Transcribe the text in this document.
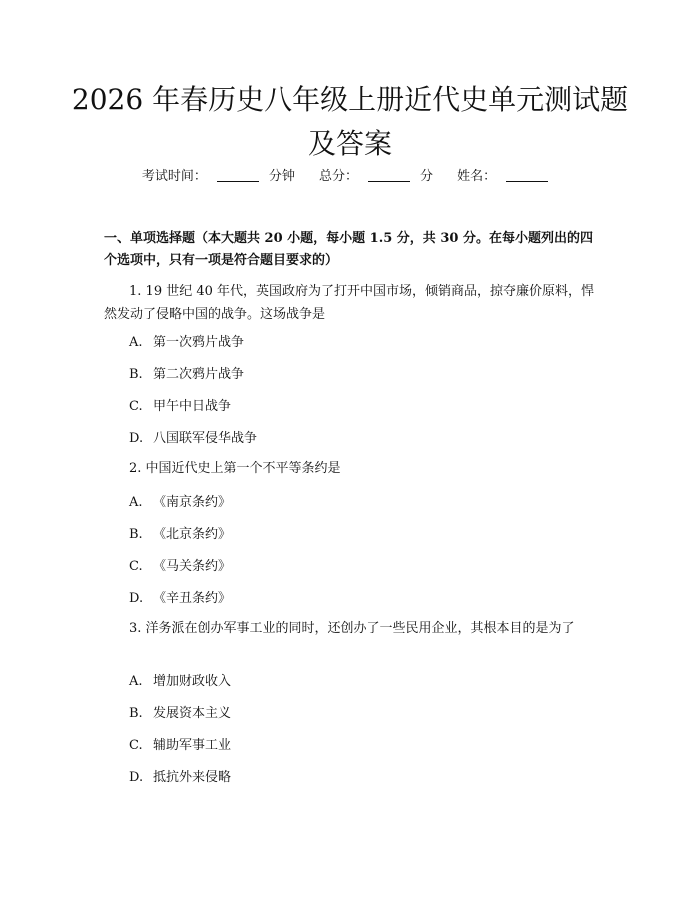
2026 年春历史八年级上册近代史单元测试题
及答案
考试时间：	分钟 总分：	分 姓名：
一、单项选择题（本大题共 20 小题，每小题 1.5 分，共 30 分。在每小题列出的四个选项中，只有一项是符合题目要求的）
1. 19 世纪 40 年代，英国政府为了打开中国市场，倾销商品，掠夺廉价原料，悍然发动了侵略中国的战争。这场战争是
A. 第一次鸦片战争
B. 第二次鸦片战争
C. 甲午中日战争
D. 八国联军侵华战争
2. 中国近代史上第一个不平等条约是
A. 《南京条约》
B. 《北京条约》
C. 《马关条约》
D. 《辛丑条约》
3. 洋务派在创办军事工业的同时，还创办了一些民用企业，其根本目的是为了
A. 增加财政收入
B. 发展资本主义
C. 辅助军事工业
D. 抵抗外来侵略
